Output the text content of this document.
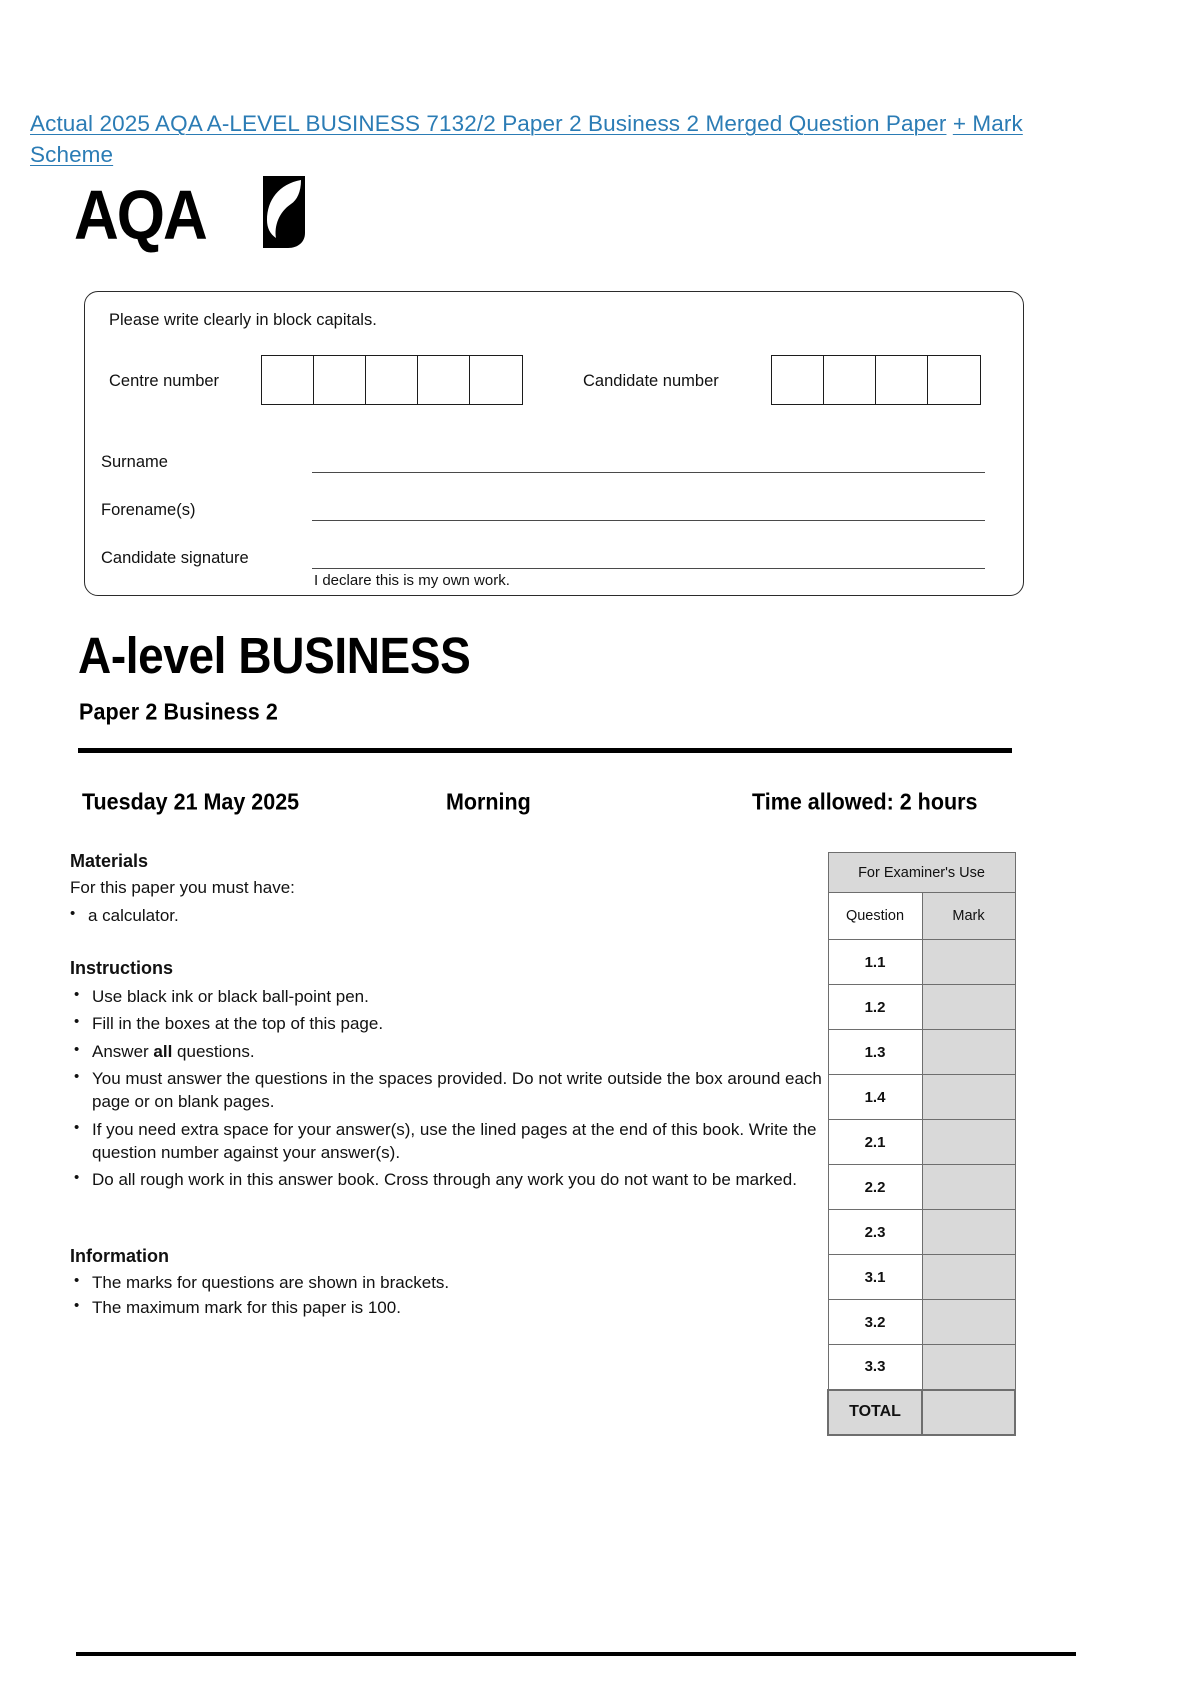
Actual 2025 AQA A-LEVEL BUSINESS 7132/2 Paper 2 Business 2 Merged Question Paper + Mark Scheme
AQA
Please write clearly in block capitals.
Centre number	Candidate number
Surname
Forename(s)
Candidate signature
I declare this is my own work.
A-level BUSINESS
Paper 2 Business 2
Tuesday 21 May 2025	Morning	Time allowed: 2 hours
Materials
For this paper you must have:
• a calculator.
Instructions
• Use black ink or black ball-point pen.
• Fill in the boxes at the top of this page.
• Answer all questions.
• You must answer the questions in the spaces provided. Do not write outside the box around each page or on blank pages.
• If you need extra space for your answer(s), use the lined pages at the end of this book. Write the question number against your answer(s).
• Do all rough work in this answer book. Cross through any work you do not want to be marked.
Information
• The marks for questions are shown in brackets.
• The maximum mark for this paper is 100.
For Examiner's Use	
Question	Mark
1.1	
1.2	
1.3	
1.4	
2.1	
2.2	
2.3	
3.1	
3.2	
3.3	
TOTAL	
